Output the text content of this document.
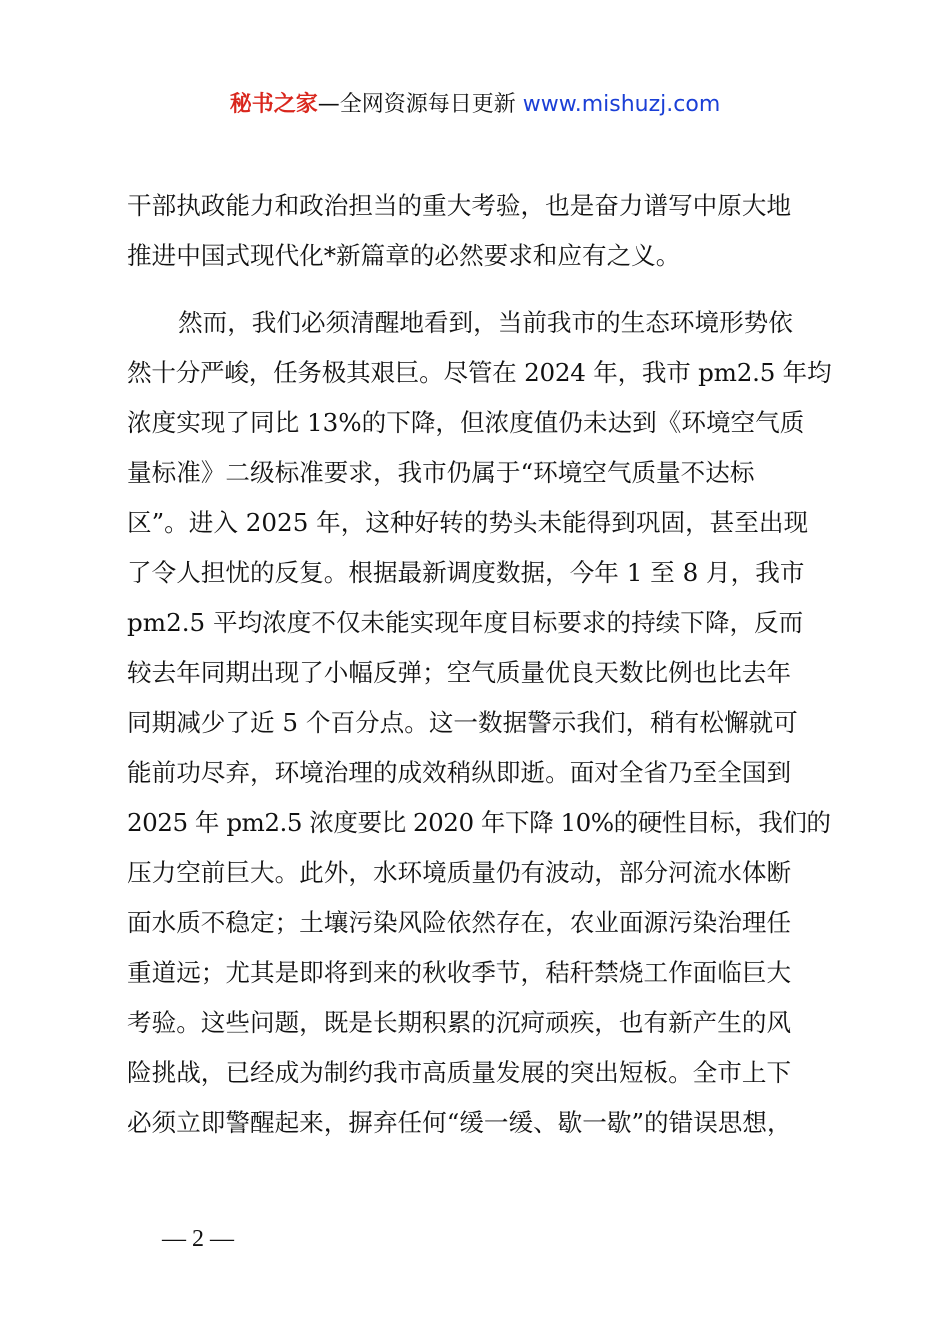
秘书之家—全网资源每日更新 www.mishuzj.com
干部执政能力和政治担当的重大考验，也是奋力谱写中原大地
推进中国式现代化*新篇章的必然要求和应有之义。
然而，我们必须清醒地看到，当前我市的生态环境形势依
然十分严峻，任务极其艰巨。尽管在 2024 年，我市 pm2.5 年均
浓度实现了同比 13%的下降，但浓度值仍未达到《环境空气质
量标准》二级标准要求，我市仍属于“环境空气质量不达标
区”。进入 2025 年，这种好转的势头未能得到巩固，甚至出现
了令人担忧的反复。根据最新调度数据，今年 1 至 8 月，我市
pm2.5 平均浓度不仅未能实现年度目标要求的持续下降，反而
较去年同期出现了小幅反弹；空气质量优良天数比例也比去年
同期减少了近 5 个百分点。这一数据警示我们，稍有松懈就可
能前功尽弃，环境治理的成效稍纵即逝。面对全省乃至全国到
2025 年 pm2.5 浓度要比 2020 年下降 10%的硬性目标，我们的
压力空前巨大。此外，水环境质量仍有波动，部分河流水体断
面水质不稳定；土壤污染风险依然存在，农业面源污染治理任
重道远；尤其是即将到来的秋收季节，秸秆禁烧工作面临巨大
考验。这些问题，既是长期积累的沉疴顽疾，也有新产生的风
险挑战，已经成为制约我市高质量发展的突出短板。全市上下
必须立即警醒起来，摒弃任何“缓一缓、歇一歇”的错误思想，
— 2 —
